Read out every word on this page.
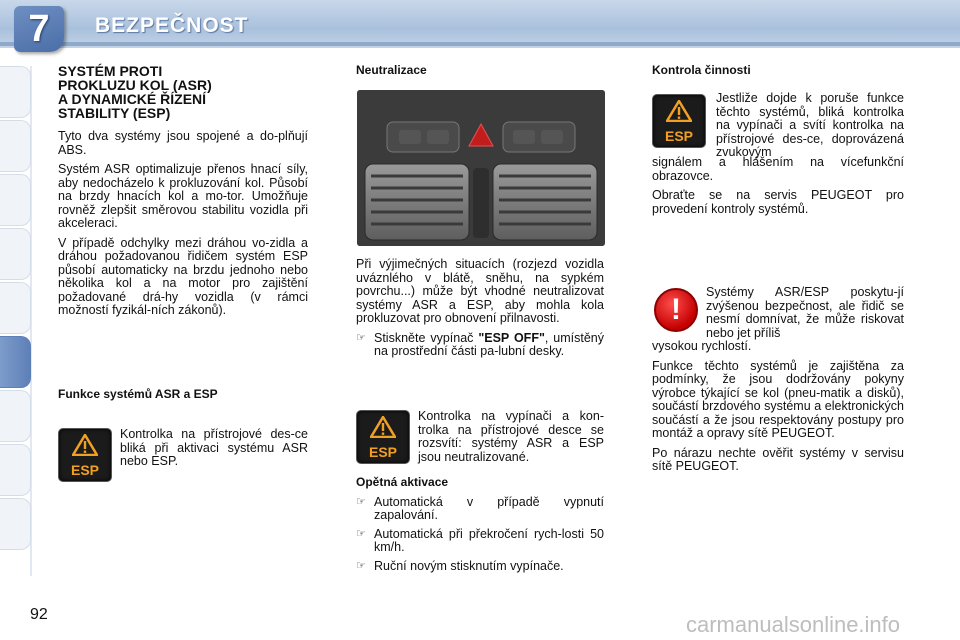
7	BEZPEČNOST
SYSTÉM PROTI
PROKLUZU KOL (ASR)
A DYNAMICKÉ ŘÍZENÍ
STABILITY (ESP)

Tyto dva systémy jsou spojené a do-plňují ABS.

Systém ASR optimalizuje přenos hnací síly, aby nedocházelo k prokluzování kol. Působí na brzdy hnacích kol a mo-tor. Umožňuje rovněž zlepšit směrovou stabilitu vozidla při akceleraci.

V případě odchylky mezi dráhou vo-zidla a dráhou požadovanou řidičem systém ESP působí automaticky na brzdu jednoho nebo několika kol a na motor pro zajištění požadované drá-hy vozidla (v rámci možností fyzikál-ních zákonů).

Funkce systémů ASR a ESP
ESP

Kontrolka na přístrojové des-ce bliká při aktivaci systému ASR nebo ESP.

Neutralizace

Při výjimečných situacích (rozjezd vozidla uváznlého v blátě, sněhu, na sypkém povrchu...) může být vhodné neutralizovat systémy ASR a ESP, aby mohla kola prokluzovat pro obnovení přilnavosti.

☞ Stiskněte vypínač "ESP OFF", umístěný na prostřední části pa-lubní desky.
ESP

Kontrolka na vypínači a kon-trolka na přístrojové desce se rozsvítí: systémy ASR a ESP jsou neutralizované.

Opětná aktivace
☞ Automatická v případě vypnutí zapalování.
☞ Automatická při překročení rych-losti 50 km/h.
☞ Ruční novým stisknutím vypínače.
Kontrola činnosti
ESP

Jestliže dojde k poruše funkce těchto systémů, bliká kontrolka na vypínači a svítí kontrolka na přístrojové des-ce, doprovázená zvukovým

signálem a hlášením na vícefunkční obrazovce.

Obraťte se na servis PEUGEOT pro provedení kontroly systémů.

!

Systémy ASR/ESP poskytu-jí zvýšenou bezpečnost, ale řidič se nesmí domnívat, že může riskovat nebo jet příliš

vysokou rychlostí.

Funkce těchto systémů je zajištěna za podmínky, že jsou dodržovány pokyny výrobce týkající se kol (pneu-matik a disků), součástí brzdového systému a elektronických součástí a že jsou respektovány postupy pro montáž a opravy sítě PEUGEOT.

Po nárazu nechte ověřit systémy v servisu sítě PEUGEOT.

92	carmanualsonline.info
